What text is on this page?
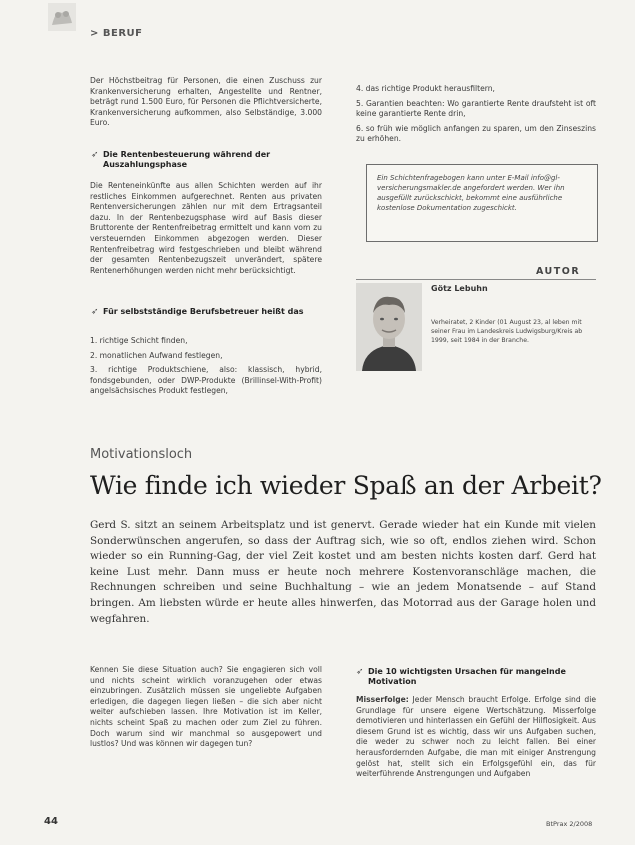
> BERUF

Der Höchstbeitrag für Personen, die einen Zuschuss zur Krankenversicherung erhalten, Angestellte und Rentner, beträgt rund 1.500 Euro, für Personen die Pflichtversicherte, Krankenversicherung aufkommen, also Selbständige, 3.000 Euro.

➶ Die Rentenbesteuerung während der Auszahlungsphase

Die Renteneinkünfte aus allen Schichten werden auf ihr restliches Einkommen aufgerechnet. Renten aus privaten Rentenversicherungen zählen nur mit dem Ertragsanteil dazu. In der Rentenbezugsphase wird auf Basis dieser Bruttorente der Rentenfreibetrag ermittelt und kann vom zu versteuernden Einkommen abgezogen werden. Dieser Rentenfreibetrag wird festgeschrieben und bleibt während der gesamten Rentenbezugszeit unverändert, spätere Rentenerhöhungen werden nicht mehr berücksichtigt.

➶ Für selbstständige Berufsbetreuer heißt das

1. richtige Schicht finden,

2. monatlichen Aufwand festlegen,

3. richtige Produktschiene, also: klassisch, hybrid, fondsgebunden, oder DWP-Produkte (Brillinsel-With-Profit) angelsächsisches Produkt festlegen,

4. das richtige Produkt herausfiltern,

5. Garantien beachten: Wo garantierte Rente draufsteht ist oft keine garantierte Rente drin,

6. so früh wie möglich anfangen zu sparen, um den Zinseszins zu erhöhen.

Ein Schichtenfragebogen kann unter E-Mail info@gl-versicherungsmakler.de angefordert werden. Wer ihn ausgefüllt zurückschickt, bekommt eine ausführliche kostenlose Dokumentation zugeschickt.

AUTOR
Götz Lebuhn
Verheiratet, 2 Kinder (01 August 23, al leben mit seiner Frau im Landeskreis Ludwigsburg/Kreis ab 1999, seit 1984 in der Branche.
Motivationsloch
Wie finde ich wieder Spaß an der Arbeit?
Gerd S. sitzt an seinem Arbeitsplatz und ist genervt. Gerade wieder hat ein Kunde mit vielen Sonderwünschen angerufen, so dass der Auftrag sich, wie so oft, endlos ziehen wird. Schon wieder so ein Running-Gag, der viel Zeit kostet und am besten nichts kosten darf. Gerd hat keine Lust mehr. Dann muss er heute noch mehrere Kostenvoranschläge machen, die Rechnungen schreiben und seine Buchhaltung – wie an jedem Monatsende – auf Stand bringen. Am liebsten würde er heute alles hinwerfen, das Motorrad aus der Garage holen und wegfahren.

Kennen Sie diese Situation auch? Sie engagieren sich voll und nichts scheint wirklich voranzugehen oder etwas einzubringen. Zusätzlich müssen sie ungeliebte Aufgaben erledigen, die dagegen liegen ließen – die sich aber nicht weiter aufschieben lassen. Ihre Motivation ist im Keller, nichts scheint Spaß zu machen oder zum Ziel zu führen. Doch warum sind wir manchmal so ausgepowert und lustlos? Und was können wir dagegen tun?

➶ Die 10 wichtigsten Ursachen für mangelnde Motivation

Misserfolge: Jeder Mensch braucht Erfolge. Erfolge sind die Grundlage für unsere eigene Wertschätzung. Misserfolge demotivieren und hinterlassen ein Gefühl der Hilflosigkeit. Aus diesem Grund ist es wichtig, dass wir uns Aufgaben suchen, die weder zu schwer noch zu leicht fallen. Bei einer herausfordernden Aufgabe, die man mit einiger Anstrengung gelöst hat, stellt sich ein Erfolgsgefühl ein, das für weiterführende Anstrengungen und Aufgaben

44	BtPrax 2/2008
